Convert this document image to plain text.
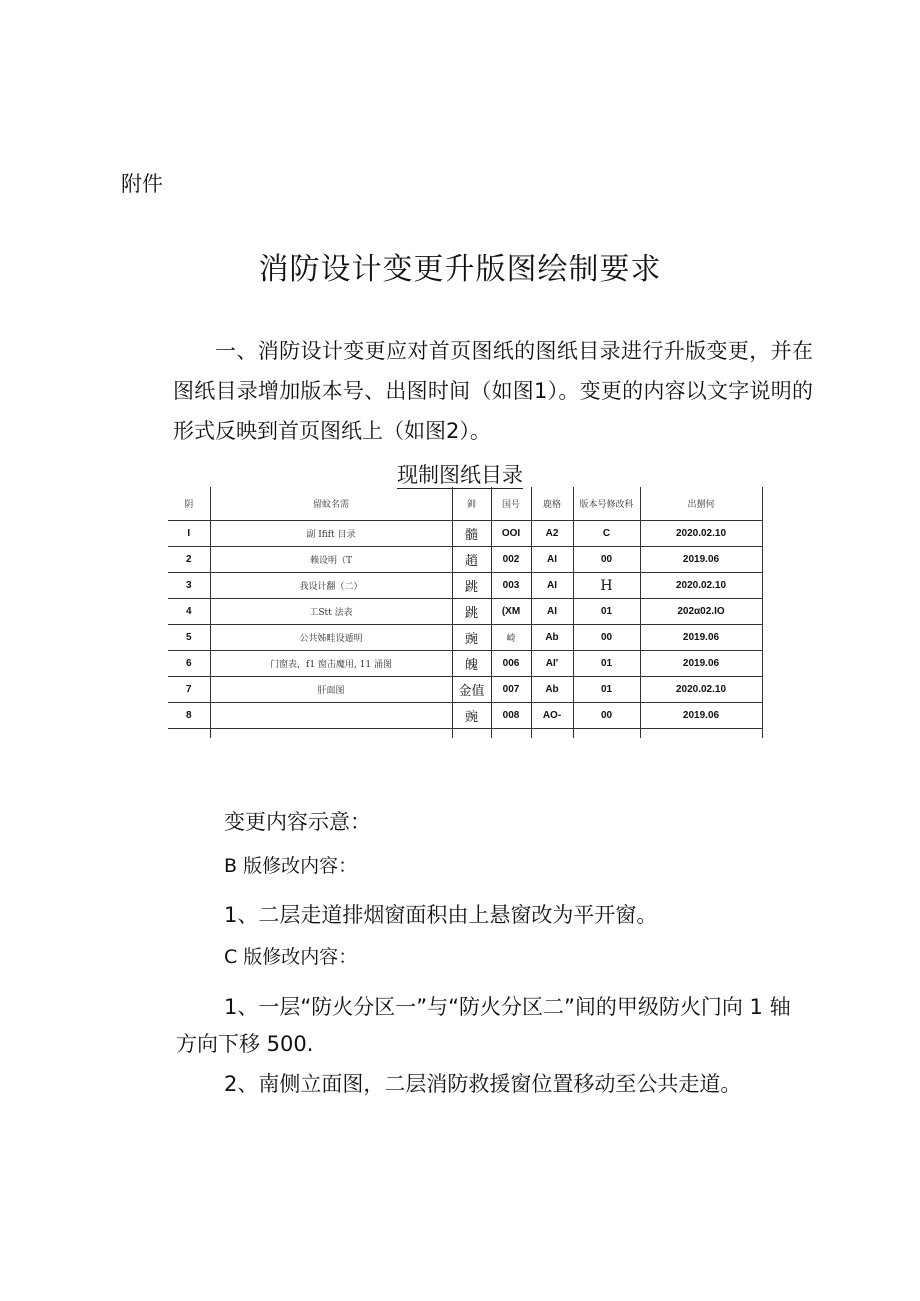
附件
消防设计变更升版图绘制要求
一、消防设计变更应对首页图纸的图纸目录进行升版变更，并在图纸目录增加版本号、出图时间（如图1）。变更的内容以文字说明的形式反映到首页图纸上（如图2）。
现制图纸目录
阴	留蚊名需	釧	国号	鹿格	版本号修改科	出捌何
I	副 Ifift 目录	髓	OOI	A2	C	2020.02.10
2	赖设明（T	趙	002	AI	00	2019.06
3	我设计翻（二）	跳	003	AI	H	2020.02.10
4	工Stt 法表	跳	(XM	AI	01	202α02.IO
5	公共姊畦设遁明	豌	崎	Ab	00	2019.06
6	门窗表，f1 窗击魔用, 11 涌图	魄	006	AI'	01	2019.06
7	肝面图	金值	007	Ab	01	2020.02.10
8		豌	008	AO-	00	2019.06

变更内容示意：
B 版修改内容：
1、二层走道排烟窗面积由上悬窗改为平开窗。
C 版修改内容：
1、一层“防火分区一”与“防火分区二”间的甲级防火门向 1 轴
方向下移 500.
2、南侧立面图，二层消防救援窗位置移动至公共走道。
